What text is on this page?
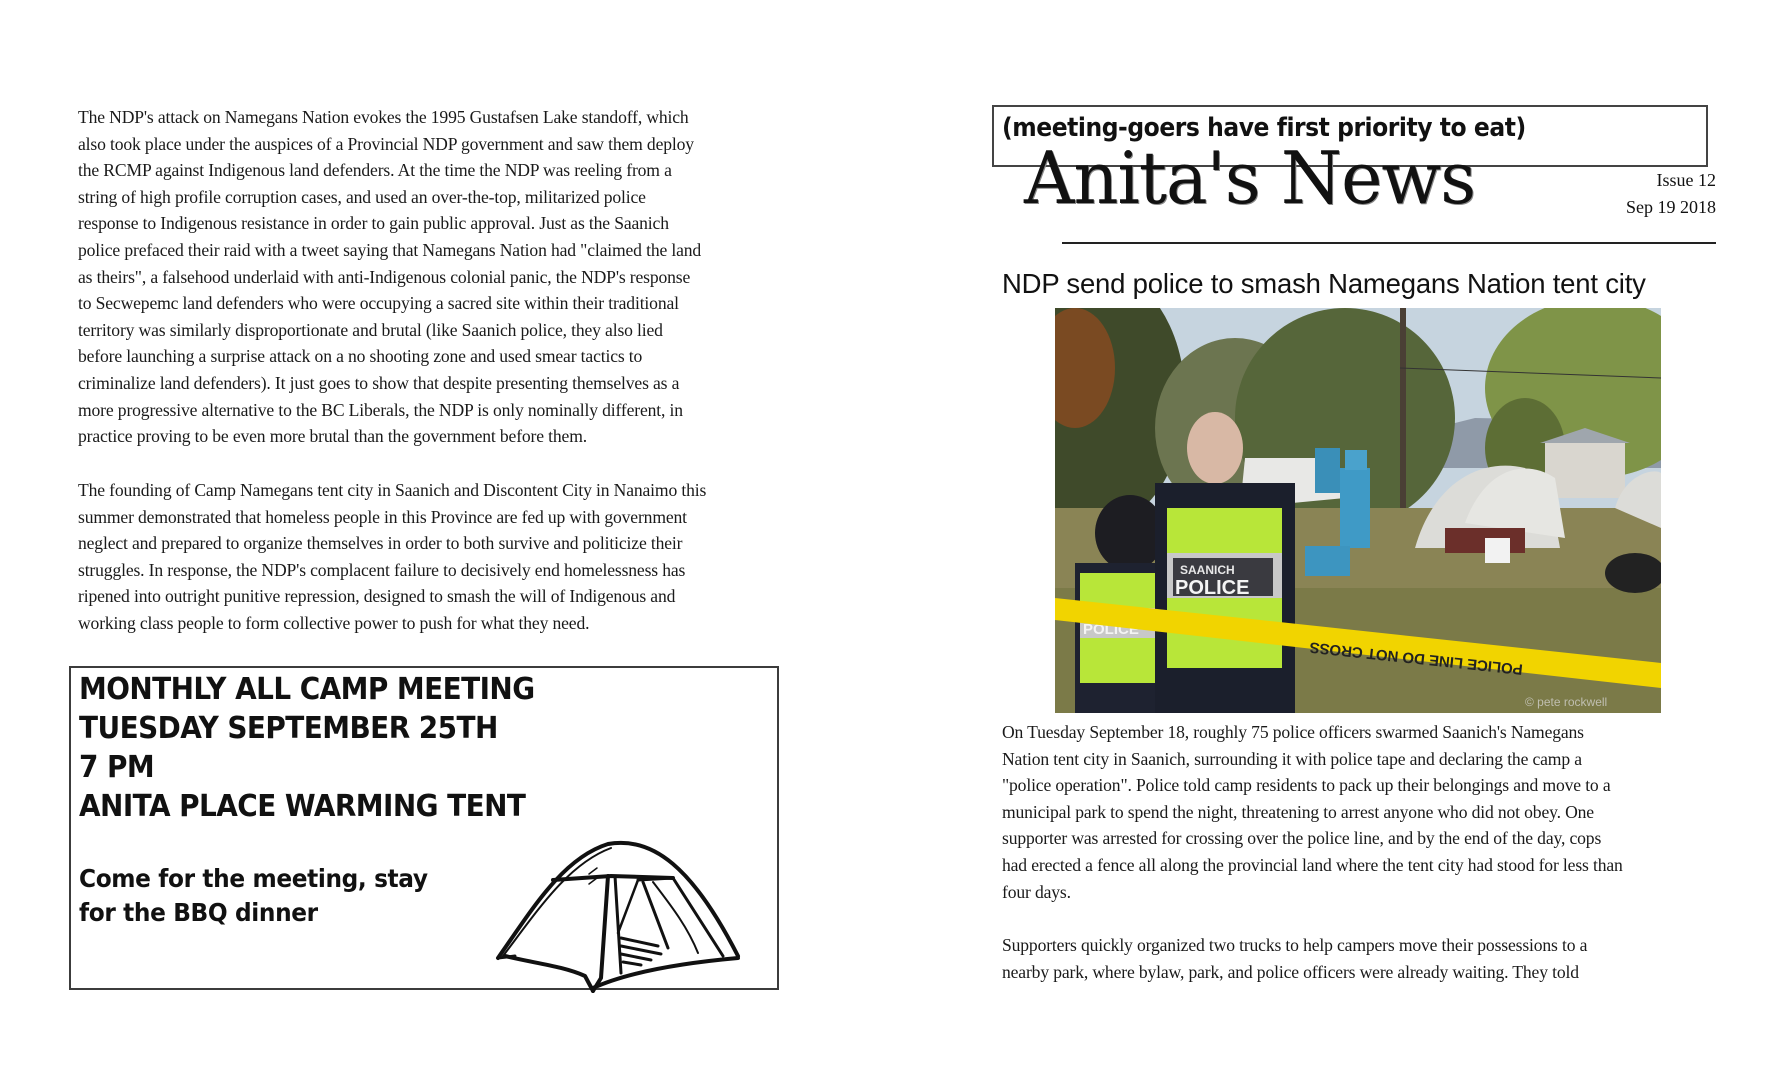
The NDP's attack on Namegans Nation evokes the 1995 Gustafsen Lake standoff, which
also took place under the auspices of a Provincial NDP government and saw them deploy
the RCMP against Indigenous land defenders. At the time the NDP was reeling from a
string of high profile corruption cases, and used an over-the-top, militarized police
response to Indigenous resistance in order to gain public approval. Just as the Saanich
police prefaced their raid with a tweet saying that Namegans Nation had "claimed the land
as theirs", a falsehood underlaid with anti-Indigenous colonial panic, the NDP's response
to Secwepemc land defenders who were occupying a sacred site within their traditional
territory was similarly disproportionate and brutal (like Saanich police, they also lied
before launching a surprise attack on a no shooting zone and used smear tactics to
criminalize land defenders). It just goes to show that despite presenting themselves as a
more progressive alternative to the BC Liberals, the NDP is only nominally different, in
practice proving to be even more brutal than the government before them.
The founding of Camp Namegans tent city in Saanich and Discontent City in Nanaimo this
summer demonstrated that homeless people in this Province are fed up with government
neglect and prepared to organize themselves in order to both survive and politicize their
struggles. In response, the NDP's complacent failure to decisively end homelessness has
ripened into outright punitive repression, designed to smash the will of Indigenous and
working class people to form collective power to push for what they need.
MONTHLY ALL CAMP MEETING
TUESDAY SEPTEMBER 25TH
7 PM
ANITA PLACE WARMING TENT
Come for the meeting, stay
for the BBQ dinner
(meeting-goers have first priority to eat)
Anita's News	Issue 12
Sep 19 2018
NDP send police to smash Namegans Nation tent city
SAANICH
POLICE
POLICE
POLICE LINE DO NOT CROSS
© pete rockwell
On Tuesday September 18, roughly 75 police officers swarmed Saanich's Namegans
Nation tent city in Saanich, surrounding it with police tape and declaring the camp a
"police operation". Police told camp residents to pack up their belongings and move to a
municipal park to spend the night, threatening to arrest anyone who did not obey. One
supporter was arrested for crossing over the police line, and by the end of the day, cops
had erected a fence all along the provincial land where the tent city had stood for less than
four days.
Supporters quickly organized two trucks to help campers move their possessions to a
nearby park, where bylaw, park, and police officers were already waiting. They told
